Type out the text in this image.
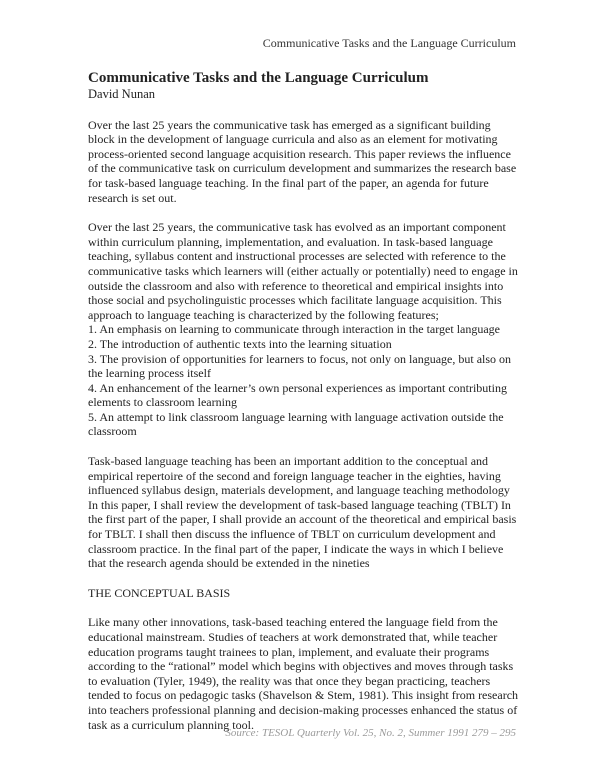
Communicative Tasks and the Language Curriculum
Communicative Tasks and the Language Curriculum
David Nunan

Over the last 25 years the communicative task has emerged as a significant building block in the development of language curricula and also as an element for motivating process-oriented second language acquisition research. This paper reviews the influence of the communicative task on curriculum development and summarizes the research base for task-based language teaching. In the final part of the paper, an agenda for future research is set out.

Over the last 25 years, the communicative task has evolved as an important component within curriculum planning, implementation, and evaluation. In task-based language teaching, syllabus content and instructional processes are selected with reference to the communicative tasks which learners will (either actually or potentially) need to engage in outside the classroom and also with reference to theoretical and empirical insights into those social and psycholinguistic processes which facilitate language acquisition. This approach to language teaching is characterized by the following features;
1. An emphasis on learning to communicate through interaction in the target language
2. The introduction of authentic texts into the learning situation
3. The provision of opportunities for learners to focus, not only on language, but also on the learning process itself
4. An enhancement of the learner’s own personal experiences as important contributing elements to classroom learning
5. An attempt to link classroom language learning with language activation outside the classroom

Task-based language teaching has been an important addition to the conceptual and empirical repertoire of the second and foreign language teacher in the eighties, having influenced syllabus design, materials development, and language teaching methodology In this paper, I shall review the development of task-based language teaching (TBLT) In the first part of the paper, I shall provide an account of the theoretical and empirical basis for TBLT. I shall then discuss the influence of TBLT on curriculum development and classroom practice. In the final part of the paper, I indicate the ways in which I believe that the research agenda should be extended in the nineties

THE CONCEPTUAL BASIS

Like many other innovations, task-based teaching entered the language field from the educational mainstream. Studies of teachers at work demonstrated that, while teacher education programs taught trainees to plan, implement, and evaluate their programs according to the “rational” model which begins with objectives and moves through tasks to evaluation (Tyler, 1949), the reality was that once they began practicing, teachers tended to focus on pedagogic tasks (Shavelson & Stem, 1981). This insight from research into teachers professional planning and decision-making processes enhanced the status of task as a curriculum planning tool.

Source: TESOL Quarterly Vol. 25, No. 2, Summer 1991 279 – 295
